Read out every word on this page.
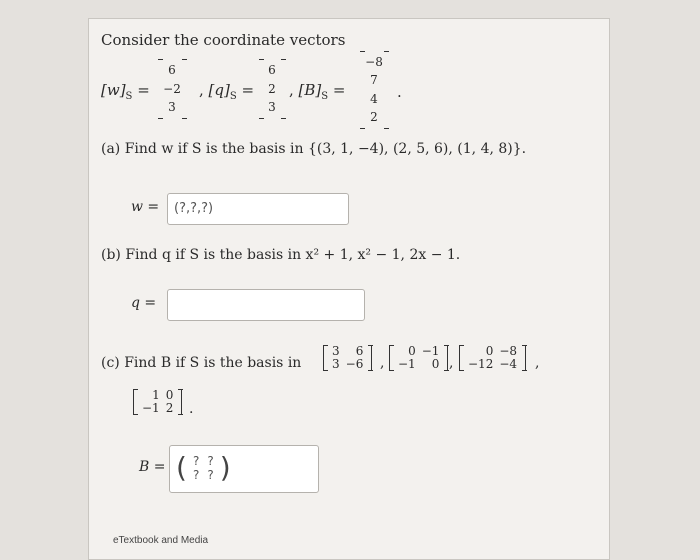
Consider the coordinate vectors
$[w]_S$ =
6
−2
3
, $[q]_S$ =
6
2
3
, $[B]_S$ =
−8
7
4
2
.
(a) Find w if S is the basis in {(3, 1, −4), (2, 5, 6), (1, 4, 8)}.
w =	(?,?,?)
(b) Find q if S is the basis in x² + 1, x² − 1, 2x − 1.
q =
(c) Find B if S is the basis in
3	6
3	−6 ,
0	−1
−1	0 ,
0	−8
−12	−4 ,
1	0
−1	2 .
B = ( ?	?
?	? )
eTextbook and Media
